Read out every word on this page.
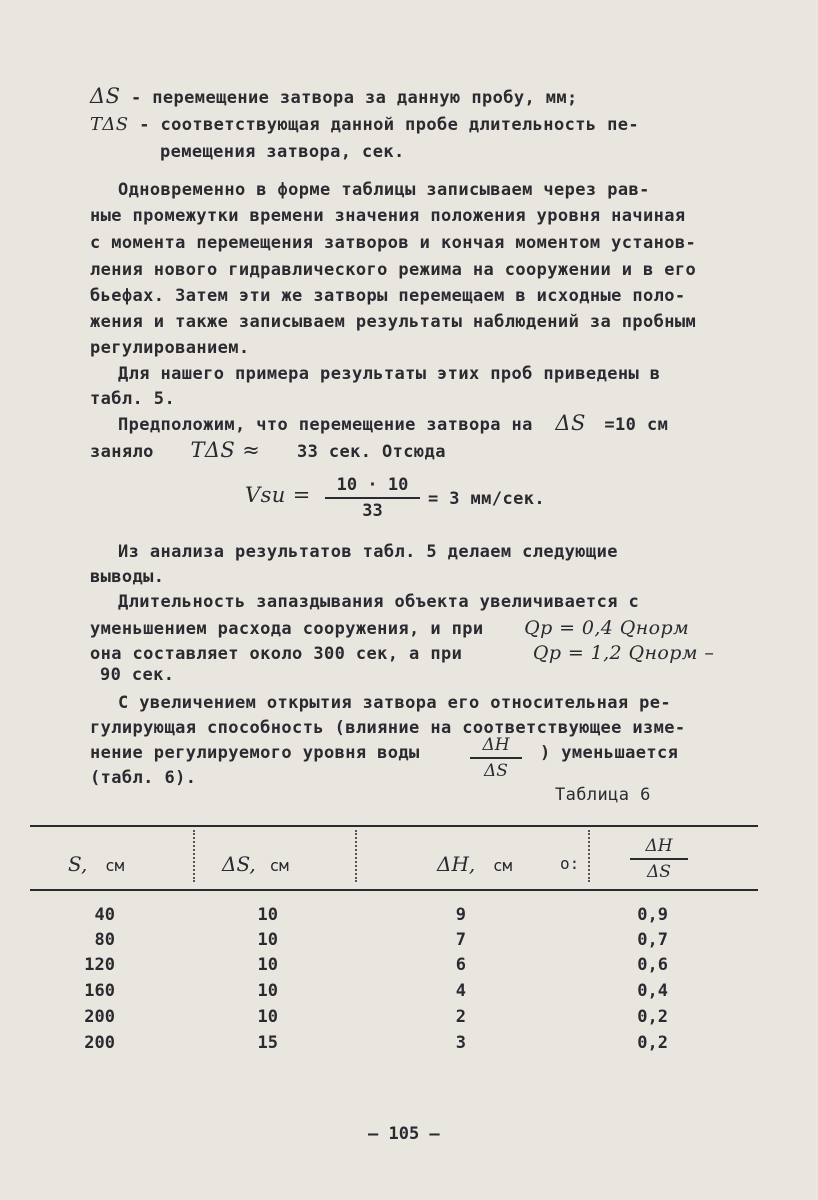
ΔS - перемещение затвора за данную пробу, мм;
TΔS - соответствующая данной пробе длительность пе-
ремещения затвора, сек.
Одновременно в форме таблицы записываем через рав-
ные промежутки времени значения положения уровня начиная
с момента перемещения затворов и кончая моментом установ-
ления нового гидравлического режима на сооружении и в его
бьефах. Затем эти же затворы перемещаем в исходные поло-
жения и также записываем результаты наблюдений за пробным
регулированием.
Для нашего примера результаты этих проб приведены в
табл. 5.
Предположим, что перемещение затвора на ΔS =10 см
заняло TΔS ≈ 33 сек. Отсюда
Vsu = $\frac{10 \cdot 10}{33} = 3$ мм/сек.
Из анализа результатов табл. 5 делаем следующие
выводы.
Длительность запаздывания объекта увеличивается с
уменьшением расхода сооружения, и при Qp = 0,4 Qнорм
она составляет около 300 сек, а при	Qp = 1,2 Qнорм –
90 сек.
С увеличением открытия затвора его относительная ре-
гулирующая способность (влияние на соответствующее изме-
нение регулируемого уровня воды	$\frac{\Delta H}{\Delta S}$ ) уменьшается
(табл. 6).
Таблица 6
S, см	ΔS, см	ΔH, см	o:	$\frac{\Delta H}{\Delta S}$
40	10	9	0,9
80	10	7	0,7
120	10	6	0,6
160	10	4	0,4
200	10	2	0,2
200	15	3	0,2
– 105 –
